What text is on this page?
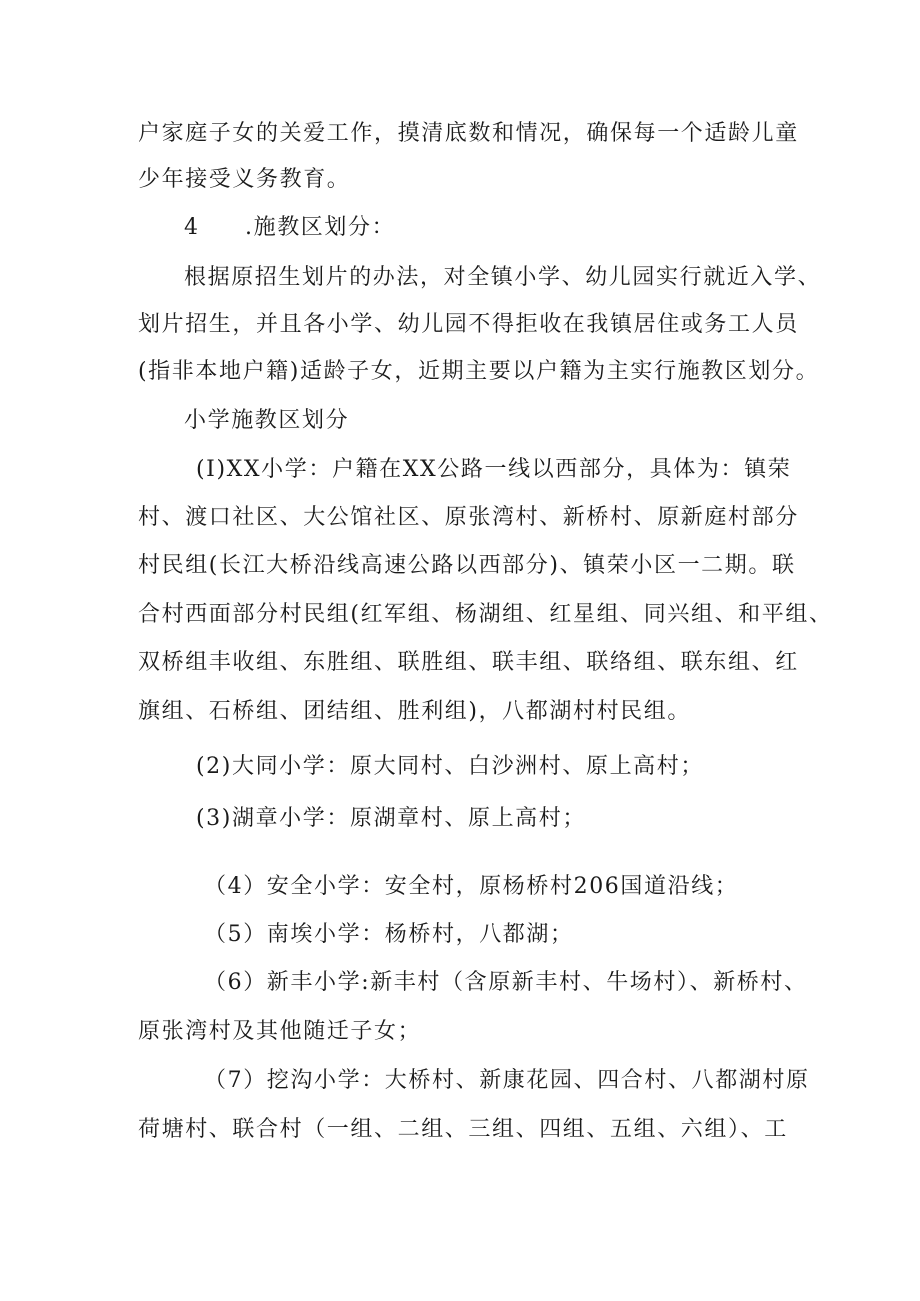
户家庭子女的关爱工作，摸清底数和情况，确保每一个适龄儿童
少年接受义务教育。
4 .施教区划分：
根据原招生划片的办法，对全镇小学、幼儿园实行就近入学、
划片招生，并且各小学、幼儿园不得拒收在我镇居住或务工人员
(指非本地户籍)适龄子女，近期主要以户籍为主实行施教区划分。
小学施教区划分
(I)XX小学：户籍在XX公路一线以西部分，具体为：镇荣
村、渡口社区、大公馆社区、原张湾村、新桥村、原新庭村部分
村民组(长江大桥沿线高速公路以西部分)、镇荣小区一二期。联
合村西面部分村民组(红军组、杨湖组、红星组、同兴组、和平组、
双桥组丰收组、东胜组、联胜组、联丰组、联络组、联东组、红
旗组、石桥组、团结组、胜利组)，八都湖村村民组。
(2)大同小学：原大同村、白沙洲村、原上高村；
(3)湖章小学：原湖章村、原上高村；
（4）安全小学：安全村，原杨桥村206国道沿线；
（5）南埃小学：杨桥村，八都湖；
（6）新丰小学:新丰村（含原新丰村、牛场村）、新桥村、
原张湾村及其他随迁子女；
（7）挖沟小学：大桥村、新康花园、四合村、八都湖村原
荷塘村、联合村（一组、二组、三组、四组、五组、六组）、工
